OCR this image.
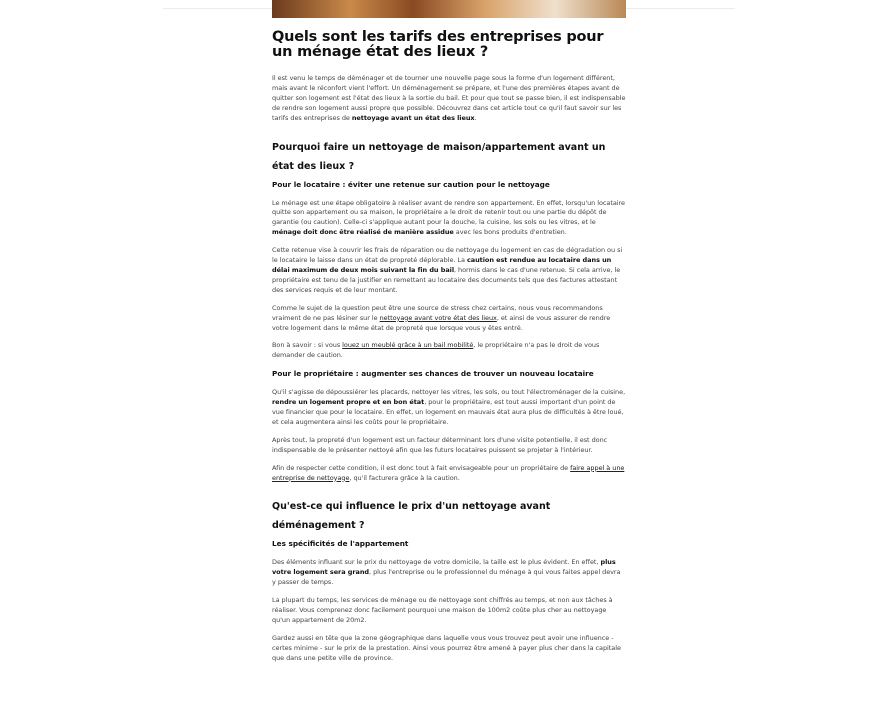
Quels sont les tarifs des entreprises pour un ménage état des lieux ?

Il est venu le temps de déménager et de tourner une nouvelle page sous la forme d'un logement différent, mais avant le réconfort vient l'effort. Un déménagement se prépare, et l'une des premières étapes avant de quitter son logement est l'état des lieux à la sortie du bail. Et pour que tout se passe bien, il est indispensable de rendre son logement aussi propre que possible. Découvrez dans cet article tout ce qu'il faut savoir sur les tarifs des entreprises de nettoyage avant un état des lieux.

Pourquoi faire un nettoyage de maison/appartement avant un état des lieux ?
Pour le locataire : éviter une retenue sur caution pour le nettoyage

Le ménage est une étape obligatoire à réaliser avant de rendre son appartement. En effet, lorsqu'un locataire quitte son appartement ou sa maison, le propriétaire a le droit de retenir tout ou une partie du dépôt de garantie (ou caution). Celle-ci s'applique autant pour la douche, la cuisine, les sols ou les vitres, et le ménage doit donc être réalisé de manière assidue avec les bons produits d'entretien.

Cette retenue vise à couvrir les frais de réparation ou de nettoyage du logement en cas de dégradation ou si le locataire le laisse dans un état de propreté déplorable. La caution est rendue au locataire dans un délai maximum de deux mois suivant la fin du bail, hormis dans le cas d'une retenue. Si cela arrive, le propriétaire est tenu de la justifier en remettant au locataire des documents tels que des factures attestant des services requis et de leur montant.

Comme le sujet de la question peut être une source de stress chez certains, nous vous recommandons vraiment de ne pas lésiner sur le nettoyage avant votre état des lieux, et ainsi de vous assurer de rendre votre logement dans le même état de propreté que lorsque vous y êtes entré.

Bon à savoir : si vous louez un meublé grâce à un bail mobilité, le propriétaire n'a pas le droit de vous demander de caution.

Pour le propriétaire : augmenter ses chances de trouver un nouveau locataire

Qu'il s'agisse de dépoussiérer les placards, nettoyer les vitres, les sols, ou tout l'électroménager de la cuisine, rendre un logement propre et en bon état, pour le propriétaire, est tout aussi important d'un point de vue financier que pour le locataire. En effet, un logement en mauvais état aura plus de difficultés à être loué, et cela augmentera ainsi les coûts pour le propriétaire.

Après tout, la propreté d'un logement est un facteur déterminant lors d'une visite potentielle, il est donc indispensable de le présenter nettoyé afin que les futurs locataires puissent se projeter à l'intérieur.

Afin de respecter cette condition, il est donc tout à fait envisageable pour un propriétaire de faire appel à une entreprise de nettoyage, qu'il facturera grâce à la caution.

Qu'est-ce qui influence le prix d'un nettoyage avant déménagement ?
Les spécificités de l'appartement

Des éléments influant sur le prix du nettoyage de votre domicile, la taille est le plus évident. En effet, plus votre logement sera grand, plus l'entreprise ou le professionnel du ménage à qui vous faites appel devra y passer de temps.

La plupart du temps, les services de ménage ou de nettoyage sont chiffrés au temps, et non aux tâches à réaliser. Vous comprenez donc facilement pourquoi une maison de 100m2 coûte plus cher au nettoyage qu'un appartement de 20m2.

Gardez aussi en tête que la zone géographique dans laquelle vous vous trouvez peut avoir une influence - certes minime - sur le prix de la prestation. Ainsi vous pourrez être amené à payer plus cher dans la capitale que dans une petite ville de province.
